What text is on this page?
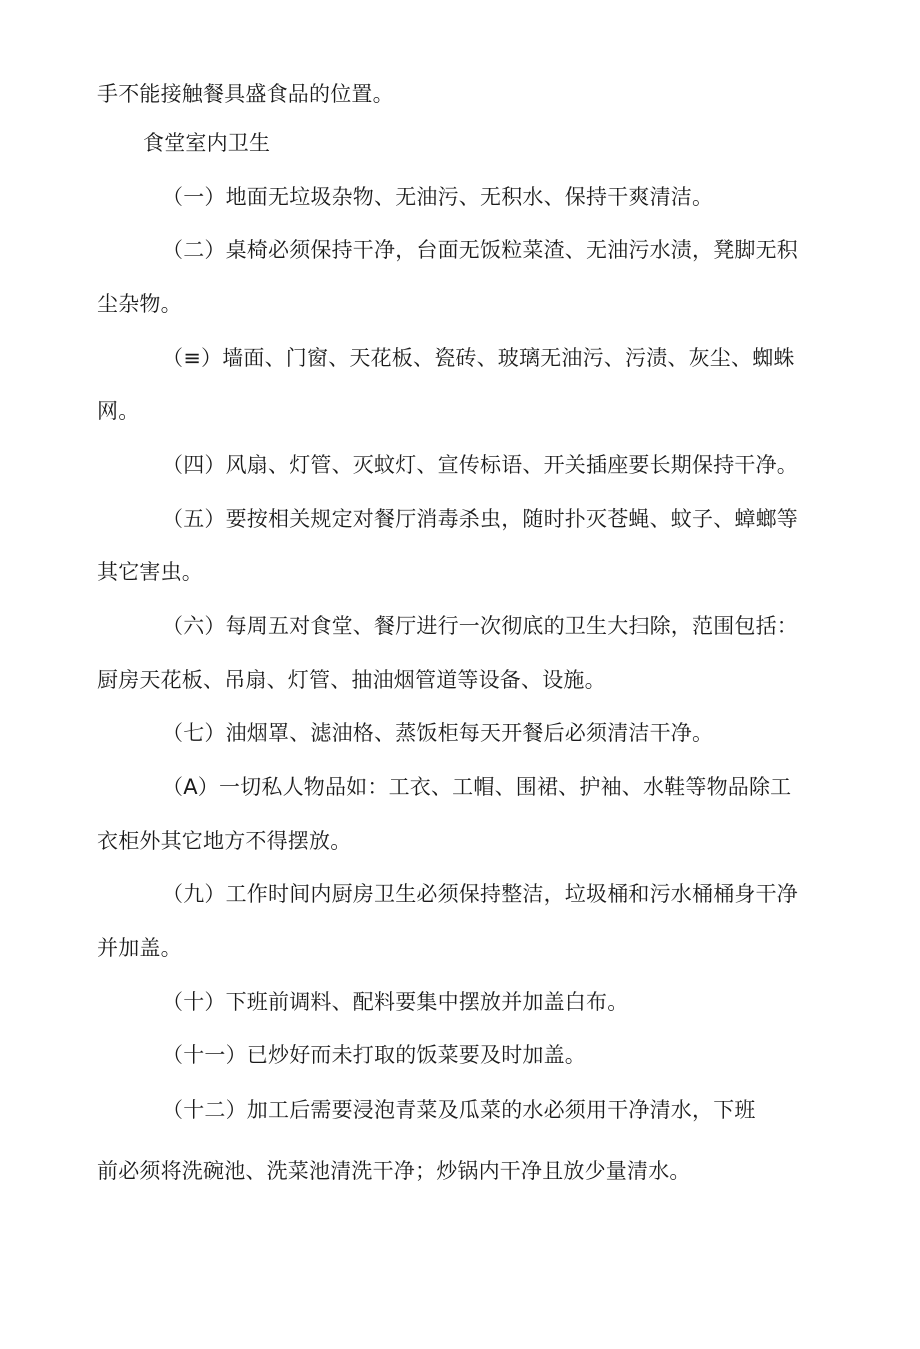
手不能接触餐具盛食品的位置。
食堂室内卫生
（一）地面无垃圾杂物、无油污、无积水、保持干爽清洁。
（二）桌椅必须保持干净，台面无饭粒菜渣、无油污水渍，凳脚无积
尘杂物。
（≡）墙面、门窗、天花板、瓷砖、玻璃无油污、污渍、灰尘、蜘蛛
网。
（四）风扇、灯管、灭蚊灯、宣传标语、开关插座要长期保持干净。
（五）要按相关规定对餐厅消毒杀虫，随时扑灭苍蝇、蚊子、蟑螂等
其它害虫。
（六）每周五对食堂、餐厅进行一次彻底的卫生大扫除，范围包括：
厨房天花板、吊扇、灯管、抽油烟管道等设备、设施。
（七）油烟罩、滤油格、蒸饭柜每天开餐后必须清洁干净。
（A）一切私人物品如：工衣、工帽、围裙、护袖、水鞋等物品除工
衣柜外其它地方不得摆放。
（九）工作时间内厨房卫生必须保持整洁，垃圾桶和污水桶桶身干净
并加盖。
（十）下班前调料、配料要集中摆放并加盖白布。
（十一）已炒好而未打取的饭菜要及时加盖。
（十二）加工后需要浸泡青菜及瓜菜的水必须用干净清水，下班
前必须将洗碗池、洗菜池清洗干净；炒锅内干净且放少量清水。
